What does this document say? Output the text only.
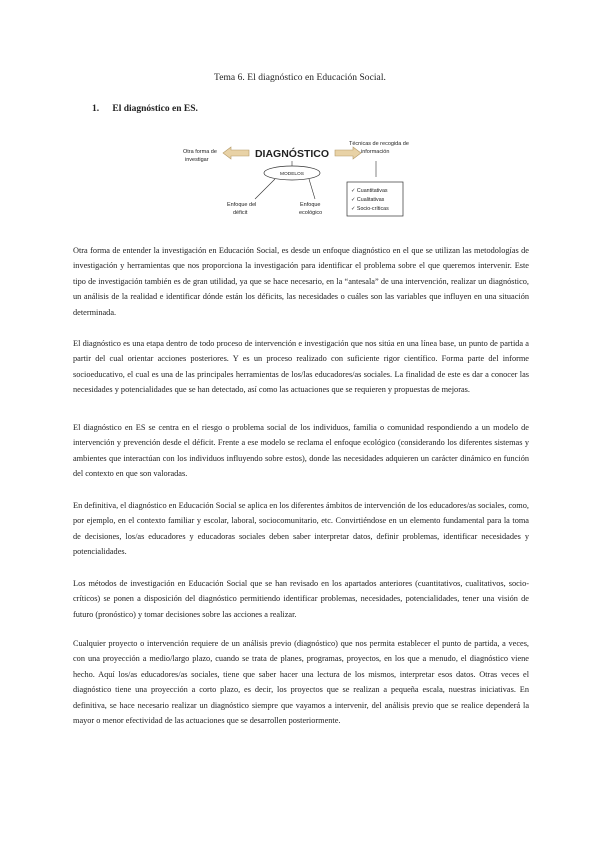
Tema 6. El diagnóstico en Educación Social.
1. El diagnóstico en ES.
DIAGNÓSTICO
Otra forma de investigar
Técnicas de recogida de información
MODELOS
Enfoque del déficit
Enfoque ecológico
✓ Cuantitativas
✓ Cualitativas
✓ Socio-críticas

Otra forma de entender la investigación en Educación Social, es desde un enfoque diagnóstico en el que se utilizan las metodologías de investigación y herramientas que nos proporciona la investigación para identificar el problema sobre el que queremos intervenir. Este tipo de investigación también es de gran utilidad, ya que se hace necesario, en la “antesala” de una intervención, realizar un diagnóstico, un análisis de la realidad e identificar dónde están los déficits, las necesidades o cuáles son las variables que influyen en una situación determinada.

El diagnóstico es una etapa dentro de todo proceso de intervención e investigación que nos sitúa en una línea base, un punto de partida a partir del cual orientar acciones posteriores. Y es un proceso realizado con suficiente rigor científico. Forma parte del informe socioeducativo, el cual es una de las principales herramientas de los/las educadores/as sociales. La finalidad de este es dar a conocer las necesidades y potencialidades que se han detectado, así como las actuaciones que se requieren y propuestas de mejoras.

El diagnóstico en ES se centra en el riesgo o problema social de los individuos, familia o comunidad respondiendo a un modelo de intervención y prevención desde el déficit. Frente a ese modelo se reclama el enfoque ecológico (considerando los diferentes sistemas y ambientes que interactúan con los individuos influyendo sobre estos), donde las necesidades adquieren un carácter dinámico en función del contexto en que son valoradas.

En definitiva, el diagnóstico en Educación Social se aplica en los diferentes ámbitos de intervención de los educadores/as sociales, como, por ejemplo, en el contexto familiar y escolar, laboral, sociocomunitario, etc. Convirtiéndose en un elemento fundamental para la toma de decisiones, los/as educadores y educadoras sociales deben saber interpretar datos, definir problemas, identificar necesidades y potencialidades.

Los métodos de investigación en Educación Social que se han revisado en los apartados anteriores (cuantitativos, cualitativos, socio-críticos) se ponen a disposición del diagnóstico permitiendo identificar problemas, necesidades, potencialidades, tener una visión de futuro (pronóstico) y tomar decisiones sobre las acciones a realizar.

Cualquier proyecto o intervención requiere de un análisis previo (diagnóstico) que nos permita establecer el punto de partida, a veces, con una proyección a medio/largo plazo, cuando se trata de planes, programas, proyectos, en los que a menudo, el diagnóstico viene hecho. Aquí los/as educadores/as sociales, tiene que saber hacer una lectura de los mismos, interpretar esos datos. Otras veces el diagnóstico tiene una proyección a corto plazo, es decir, los proyectos que se realizan a pequeña escala, nuestras iniciativas. En definitiva, se hace necesario realizar un diagnóstico siempre que vayamos a intervenir, del análisis previo que se realice dependerá la mayor o menor efectividad de las actuaciones que se desarrollen posteriormente.
